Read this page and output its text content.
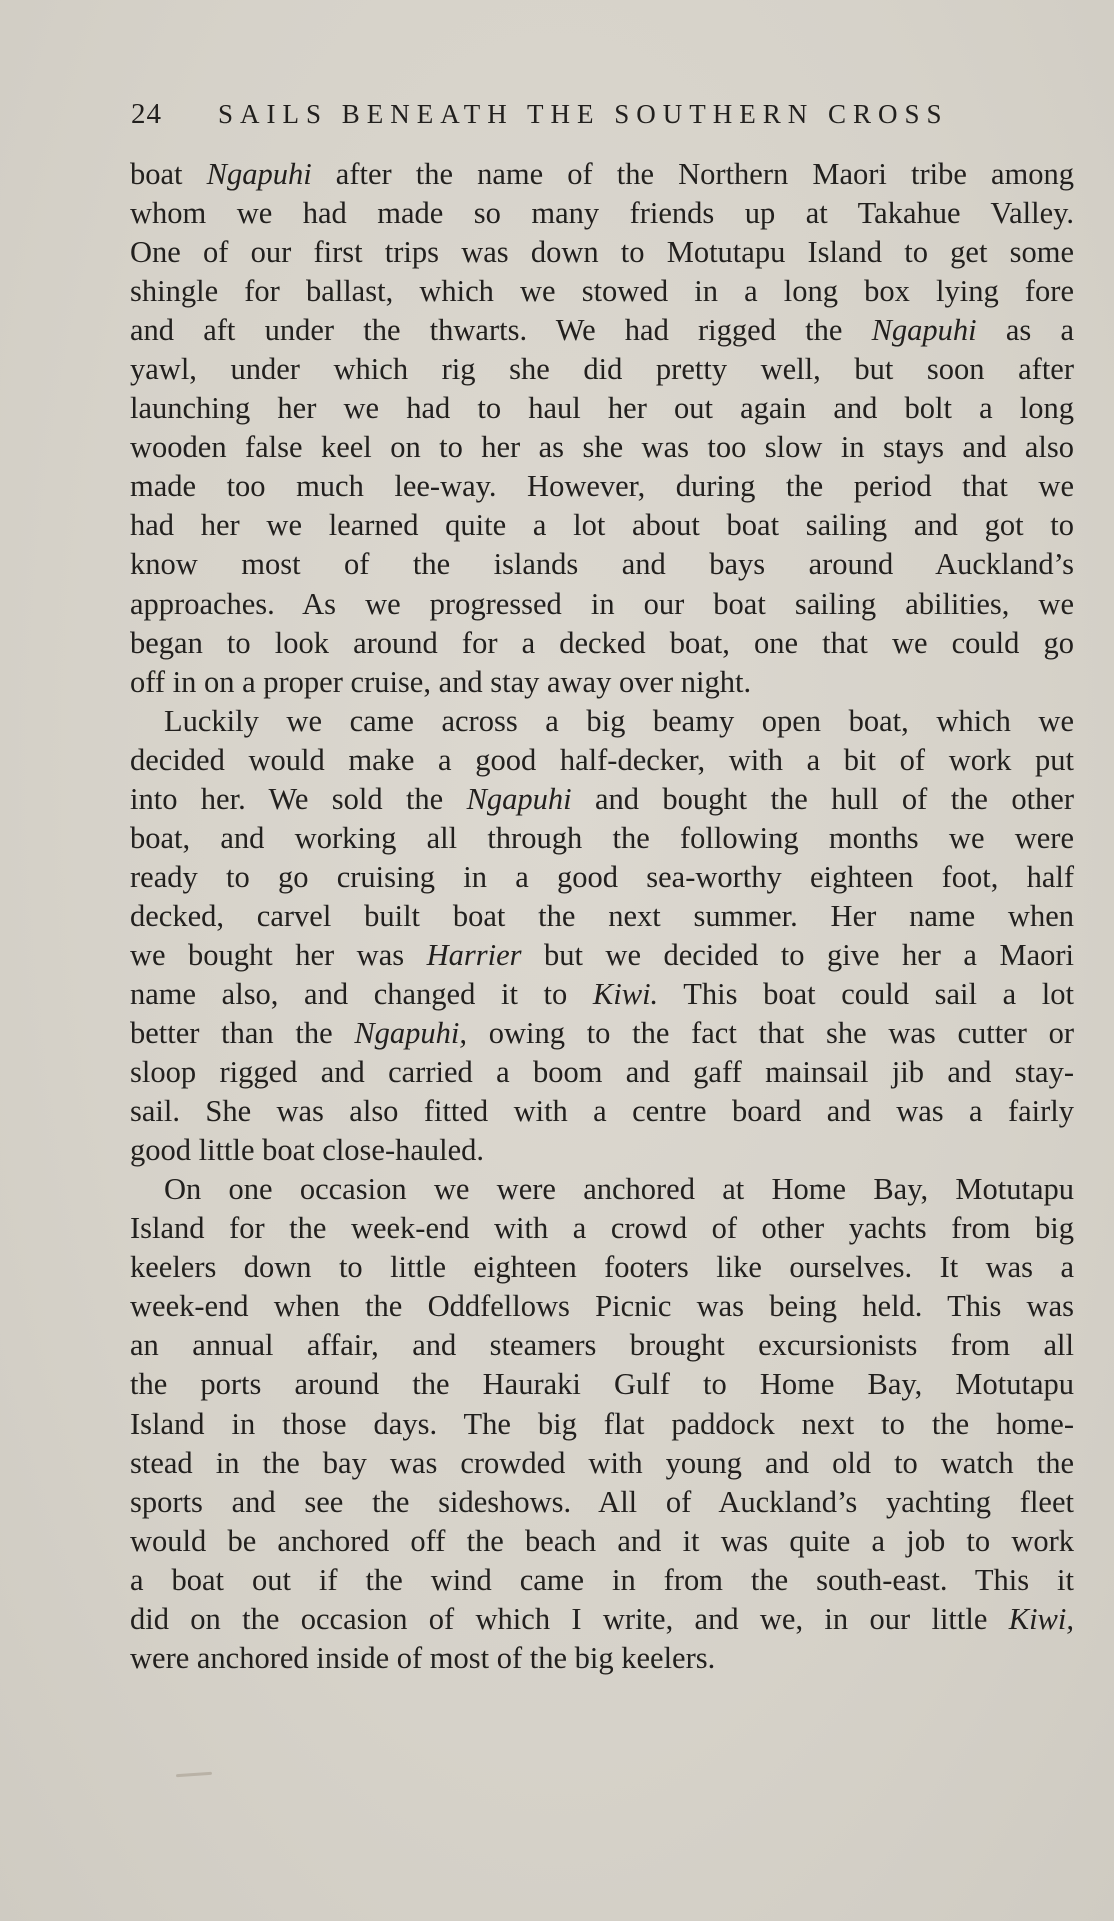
24 SAILS BENEATH THE SOUTHERN CROSS
boat Ngapuhi after the name of the Northern Maori tribe among
whom we had made so many friends up at Takahue Valley.
One of our first trips was down to Motutapu Island to get some
shingle for ballast, which we stowed in a long box lying fore
and aft under the thwarts. We had rigged the Ngapuhi as a
yawl, under which rig she did pretty well, but soon after
launching her we had to haul her out again and bolt a long
wooden false keel on to her as she was too slow in stays and also
made too much lee-way. However, during the period that we
had her we learned quite a lot about boat sailing and got to
know most of the islands and bays around Auckland’s
approaches. As we progressed in our boat sailing abilities, we
began to look around for a decked boat, one that we could go
off in on a proper cruise, and stay away over night.
Luckily we came across a big beamy open boat, which we
decided would make a good half-decker, with a bit of work put
into her. We sold the Ngapuhi and bought the hull of the other
boat, and working all through the following months we were
ready to go cruising in a good sea-worthy eighteen foot, half
decked, carvel built boat the next summer. Her name when
we bought her was Harrier but we decided to give her a Maori
name also, and changed it to Kiwi. This boat could sail a lot
better than the Ngapuhi, owing to the fact that she was cutter or
sloop rigged and carried a boom and gaff mainsail jib and stay-
sail. She was also fitted with a centre board and was a fairly
good little boat close-hauled.
On one occasion we were anchored at Home Bay, Motutapu
Island for the week-end with a crowd of other yachts from big
keelers down to little eighteen footers like ourselves. It was a
week-end when the Oddfellows Picnic was being held. This was
an annual affair, and steamers brought excursionists from all
the ports around the Hauraki Gulf to Home Bay, Motutapu
Island in those days. The big flat paddock next to the home-
stead in the bay was crowded with young and old to watch the
sports and see the sideshows. All of Auckland’s yachting fleet
would be anchored off the beach and it was quite a job to work
a boat out if the wind came in from the south-east. This it
did on the occasion of which I write, and we, in our little Kiwi,
were anchored inside of most of the big keelers.
